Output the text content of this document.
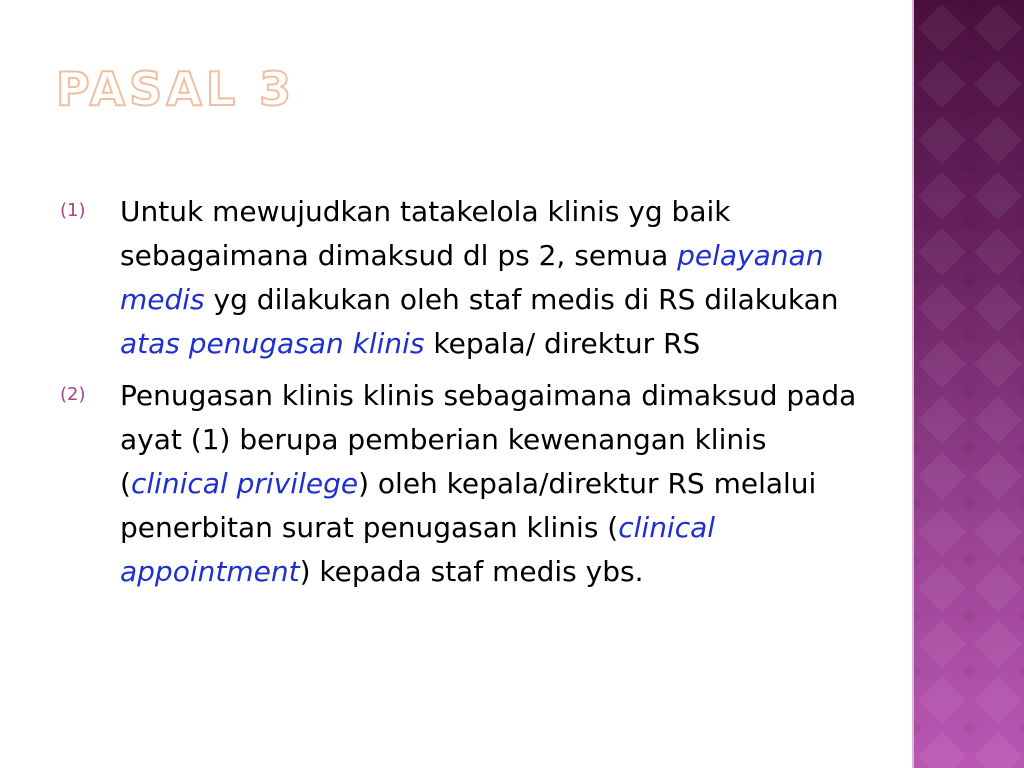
PASAL 3
(1)	Untuk mewujudkan tatakelola klinis yg baik sebagaimana dimaksud dl ps 2, semua pelayanan medis yg dilakukan oleh staf medis di RS dilakukan atas penugasan klinis kepala/ direktur RS
(2)	Penugasan klinis klinis sebagaimana dimaksud pada ayat (1) berupa pemberian kewenangan klinis (clinical privilege) oleh kepala/direktur RS melalui penerbitan surat penugasan klinis (clinical appointment) kepada staf medis ybs.
